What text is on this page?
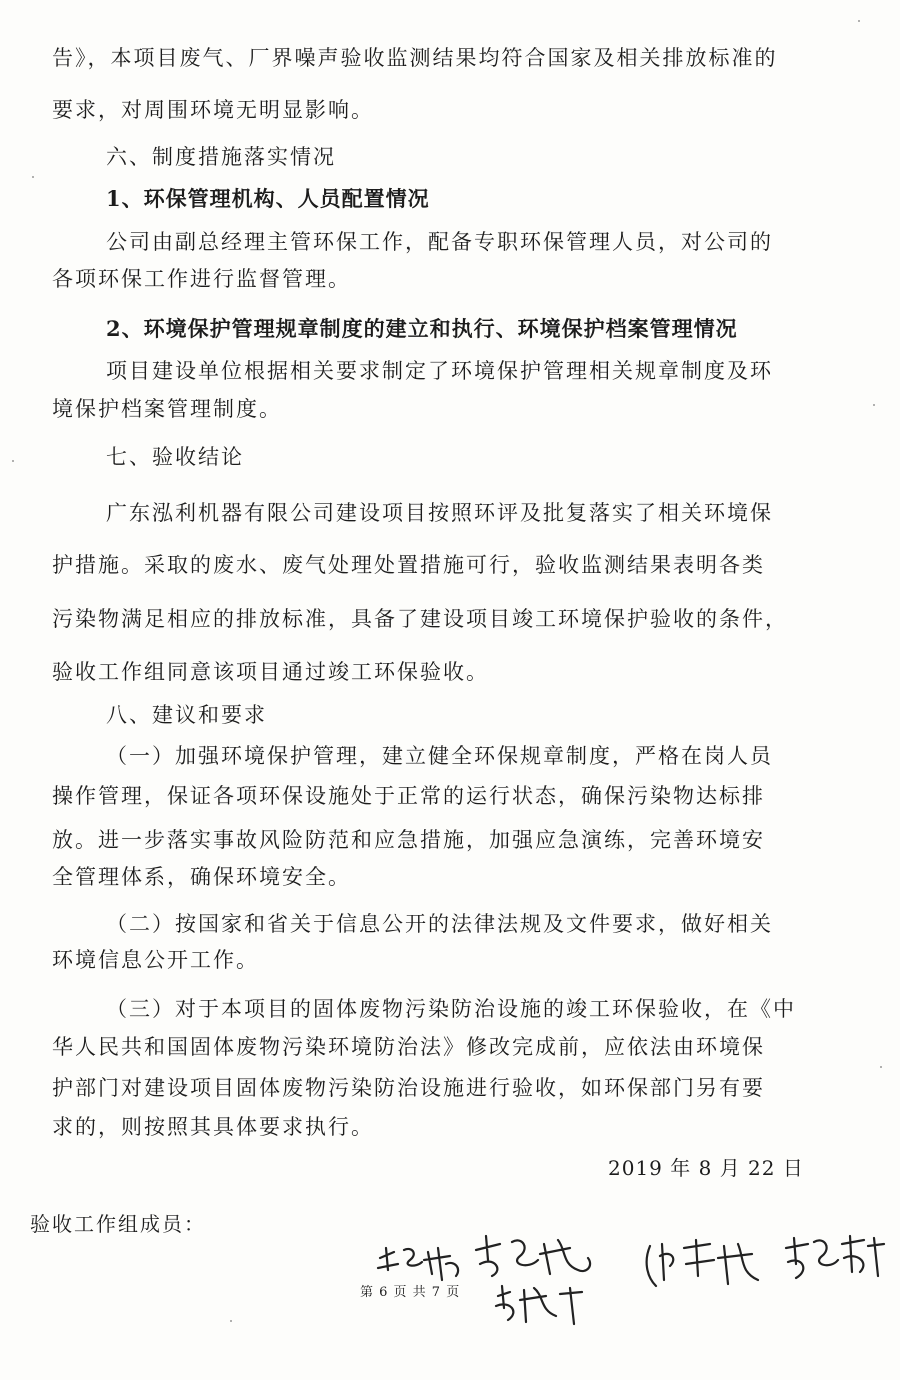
告》，本项目废气、厂界噪声验收监测结果均符合国家及相关排放标准的
要求，对周围环境无明显影响。
六、制度措施落实情况
1、环保管理机构、人员配置情况
公司由副总经理主管环保工作，配备专职环保管理人员，对公司的
各项环保工作进行监督管理。
2、环境保护管理规章制度的建立和执行、环境保护档案管理情况
项目建设单位根据相关要求制定了环境保护管理相关规章制度及环
境保护档案管理制度。
七、验收结论
广东泓利机器有限公司建设项目按照环评及批复落实了相关环境保
护措施。采取的废水、废气处理处置措施可行，验收监测结果表明各类
污染物满足相应的排放标准，具备了建设项目竣工环境保护验收的条件，
验收工作组同意该项目通过竣工环保验收。
八、建议和要求
（一）加强环境保护管理，建立健全环保规章制度，严格在岗人员
操作管理，保证各项环保设施处于正常的运行状态，确保污染物达标排
放。进一步落实事故风险防范和应急措施，加强应急演练，完善环境安
全管理体系，确保环境安全。
（二）按国家和省关于信息公开的法律法规及文件要求，做好相关
环境信息公开工作。
（三）对于本项目的固体废物污染防治设施的竣工环保验收，在《中
华人民共和国固体废物污染环境防治法》修改完成前，应依法由环境保
护部门对建设项目固体废物污染防治设施进行验收，如环保部门另有要
求的，则按照其具体要求执行。
2019 年 8 月 22 日
验收工作组成员：
第 6 页 共 7 页
